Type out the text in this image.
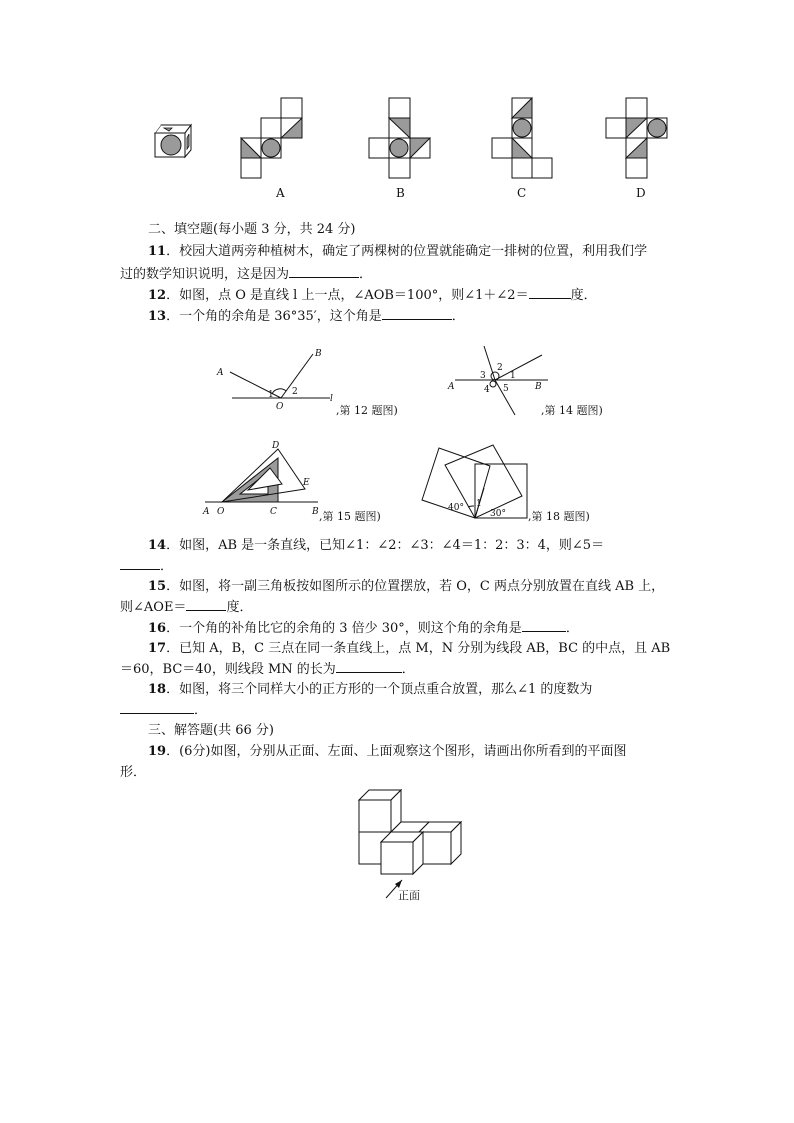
A	B	C	D
二、填空题(每小题 3 分，共 24 分)
11．校园大道两旁种植树木，确定了两棵树的位置就能确定一排树的位置，利用我们学
过的数学知识说明，这是因为	．
12．如图，点 O 是直线 l 上一点，∠AOB＝100°，则∠1＋∠2＝	度．
13．一个角的余角是 36°35′，这个角是	．
A
B
O
l
1 2
,第 12 题图)
A	B
1
2
3
4 5
,第 14 题图)
D
E
A O	C	B ,第 15 题图)
40°
30°
1
,第 18 题图)
14．如图，AB 是一条直线，已知∠1：∠2：∠3：∠4＝1：2：3：4，则∠5＝
．
15．如图，将一副三角板按如图所示的位置摆放，若 O，C 两点分别放置在直线 AB 上，
则∠AOE＝	度．
16．一个角的补角比它的余角的 3 倍少 30°，则这个角的余角是	．
17．已知 A，B，C 三点在同一条直线上，点 M，N 分别为线段 AB，BC 的中点，且 AB
＝60，BC＝40，则线段 MN 的长为	．
18．如图，将三个同样大小的正方形的一个顶点重合放置，那么∠1 的度数为
．
三、解答题(共 66 分)
19．(6分)如图，分别从正面、左面、上面观察这个图形，请画出你所看到的平面图
形．
正面
